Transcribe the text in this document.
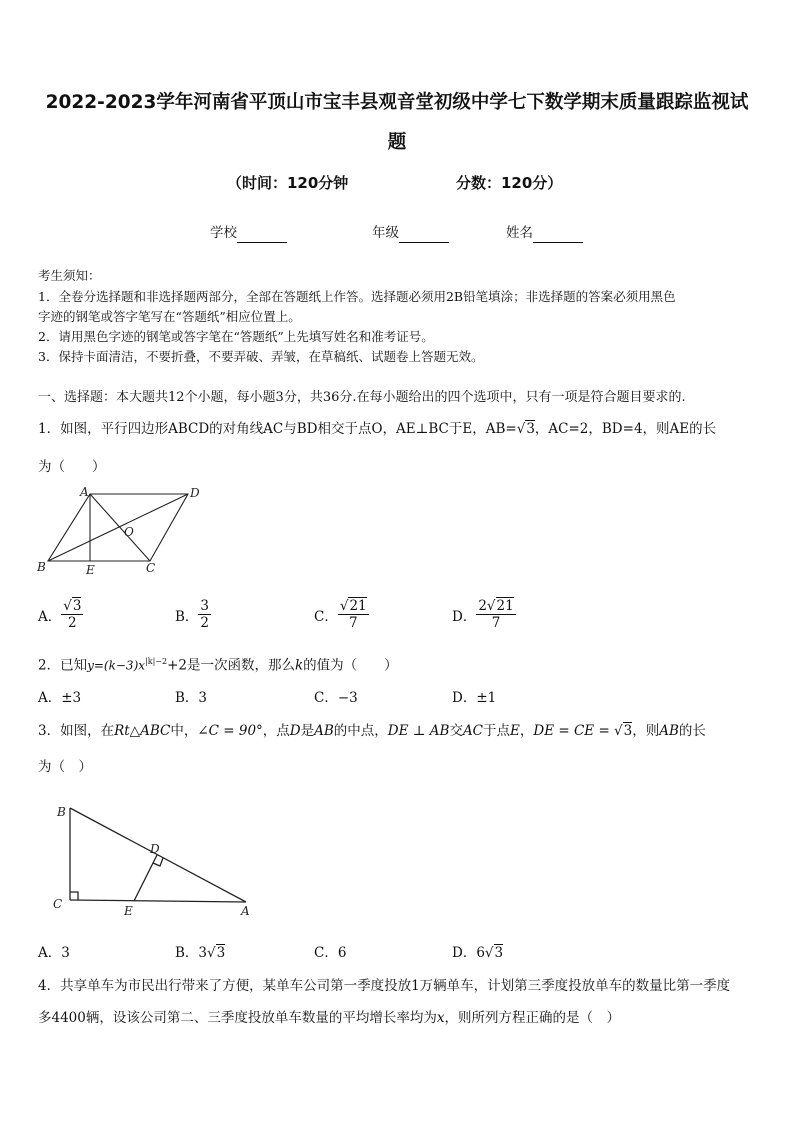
2022-2023学年河南省平顶山市宝丰县观音堂初级中学七下数学期末质量跟踪监视试
题
（时间：120分钟	分数：120分）
学校	年级	姓名
考生须知：
1．全卷分选择题和非选择题两部分，全部在答题纸上作答。选择题必须用2B铅笔填涂；非选择题的答案必须用黑色
字迹的钢笔或答字笔写在“答题纸”相应位置上。
2．请用黑色字迹的钢笔或答字笔在“答题纸”上先填写姓名和准考证号。
3．保持卡面清洁，不要折叠，不要弄破、弄皱，在草稿纸、试题卷上答题无效。
一、选择题：本大题共12个小题，每小题3分，共36分.在每小题给出的四个选项中，只有一项是符合题目要求的.
1．如图，平行四边形ABCD的对角线AC与BD相交于点O，AE⊥BC于E，AB=√3，AC=2，BD=4，则AE的长
为（　　）
A	D
O
B	E	C
A． $\frac{√3}{2}$	B． $\frac{3}{2}$	C． $\frac{√21}{7}$	D． $\frac{2√21}{7}$
2．已知$y=(k-3)x^{|k|-2}+2$是一次函数，那么k的值为（　　）
A．±3	B．3	C．−3	D．±1
3．如图，在Rt△ABC中，∠C = 90°，点D是AB的中点，DE ⊥ AB交AC于点E，DE = CE = √3，则AB的长
为（　）
B
D
C	E	A
A．3	B．3√3	C．6	D．6√3
4．共享单车为市民出行带来了方便，某单车公司第一季度投放1万辆单车，计划第三季度投放单车的数量比第一季度
多4400辆，设该公司第二、三季度投放单车数量的平均增长率均为x，则所列方程正确的是（　）
